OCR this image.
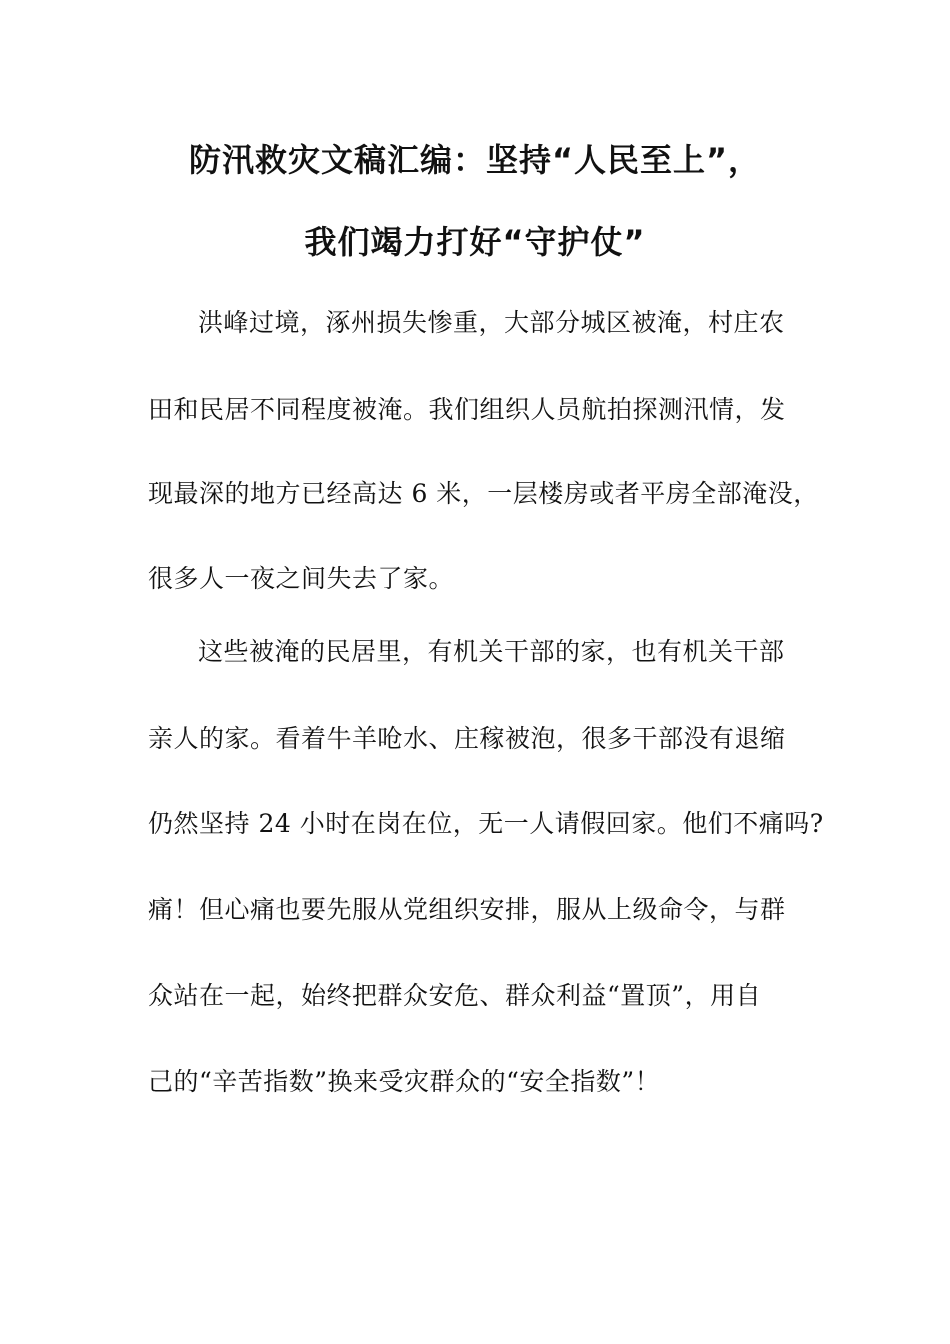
防汛救灾文稿汇编：坚持“人民至上”，
我们竭力打好“守护仗”
洪峰过境，涿州损失惨重，大部分城区被淹，村庄农
田和民居不同程度被淹。我们组织人员航拍探测汛情，发
现最深的地方已经高达 6 米，一层楼房或者平房全部淹没，
很多人一夜之间失去了家。
这些被淹的民居里，有机关干部的家，也有机关干部
亲人的家。看着牛羊呛水、庄稼被泡，很多干部没有退缩
仍然坚持 24 小时在岗在位，无一人请假回家。他们不痛吗?
痛！但心痛也要先服从党组织安排，服从上级命令，与群
众站在一起，始终把群众安危、群众利益“置顶”，用自
己的“辛苦指数”换来受灾群众的“安全指数”！
